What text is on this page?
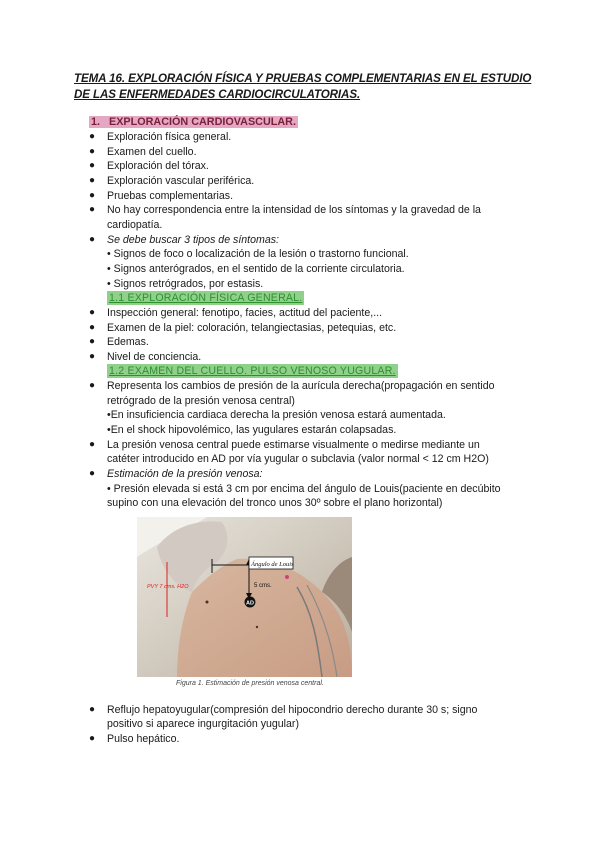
TEMA 16. EXPLORACIÓN FÍSICA Y PRUEBAS COMPLEMENTARIAS EN EL ESTUDIO DE LAS ENFERMEDADES CARDIOCIRCULATORIAS.
1. EXPLORACIÓN CARDIOVASCULAR.
● Exploración física general.
● Examen del cuello.
● Exploración del tórax.
● Exploración vascular periférica.
● Pruebas complementarias.
● No hay correspondencia entre la intensidad de los síntomas y la gravedad de la
cardiopatía.
● Se debe buscar 3 tipos de síntomas:
• Signos de foco o localización de la lesión o trastorno funcional.
• Signos anterógrados, en el sentido de la corriente circulatoria.
• Signos retrógrados, por estasis.
1.1 EXPLORACIÓN FÍSICA GENERAL.
● Inspección general: fenotipo, facies, actitud del paciente,...
● Examen de la piel: coloración, telangiectasias, petequias, etc.
● Edemas.
● Nivel de conciencia.
1.2 EXAMEN DEL CUELLO. PULSO VENOSO YUGULAR.
● Representa los cambios de presión de la aurícula derecha(propagación en sentido
retrógrado de la presión venosa central)
•En insuficiencia cardiaca derecha la presión venosa estará aumentada.
•En el shock hipovolémico, las yugulares estarán colapsadas.
● La presión venosa central puede estimarse visualmente o medirse mediante un
catéter introducido en AD por vía yugular o subclavia (valor normal < 12 cm H2O)
● Estimación de la presión venosa:
• Presión elevada si está 3 cm por encima del ángulo de Louis(paciente en decúbito
supino con una elevación del tronco unos 30º sobre el plano horizontal)
Ángulo de Louis
PVY 7 cms. H2O	5 cms.
AD
Figura 1. Estimación de presión venosa central.
● Reflujo hepatoyugular(compresión del hipocondrio derecho durante 30 s; signo
positivo si aparece ingurgitación yugular)
● Pulso hepático.
